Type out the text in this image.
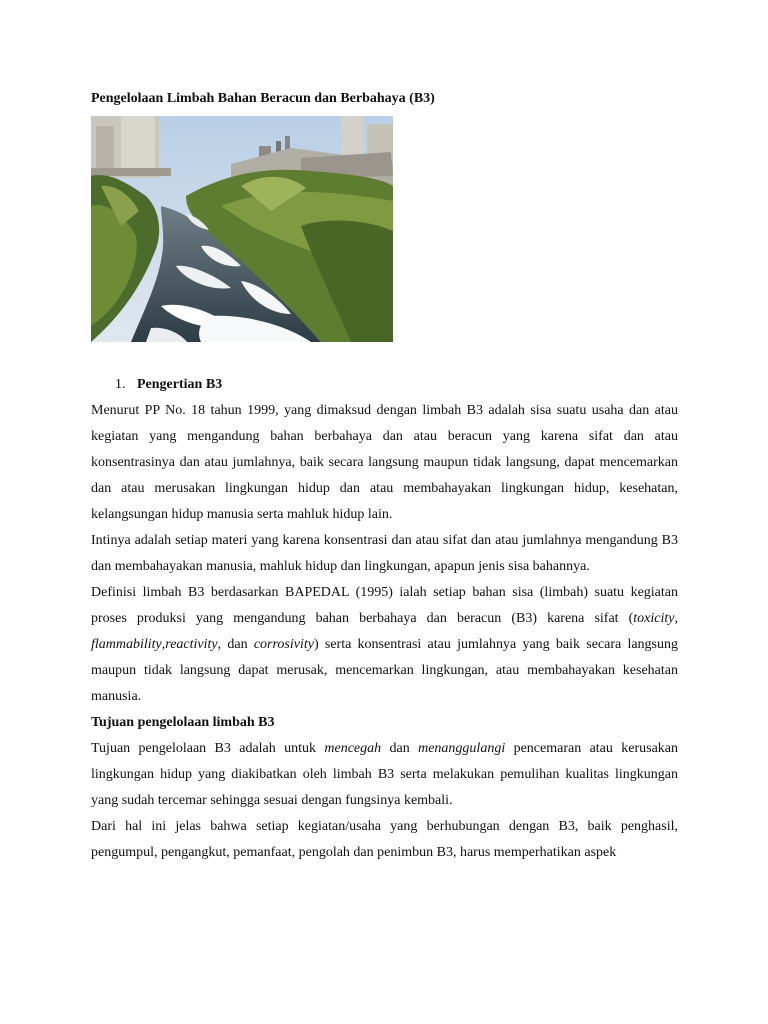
Pengelolaan Limbah Bahan Beracun dan Berbahaya (B3)

1. Pengertian B3

Menurut PP No. 18 tahun 1999, yang dimaksud dengan limbah B3 adalah sisa suatu usaha dan atau kegiatan yang mengandung bahan berbahaya dan atau beracun yang karena sifat dan atau konsentrasinya dan atau jumlahnya, baik secara langsung maupun tidak langsung, dapat mencemarkan dan atau merusakan lingkungan hidup dan atau membahayakan lingkungan hidup, kesehatan, kelangsungan hidup manusia serta mahluk hidup lain.

Intinya adalah setiap materi yang karena konsentrasi dan atau sifat dan atau jumlahnya mengandung B3 dan membahayakan manusia, mahluk hidup dan lingkungan, apapun jenis sisa bahannya.

Definisi limbah B3 berdasarkan BAPEDAL (1995) ialah setiap bahan sisa (limbah) suatu kegiatan proses produksi yang mengandung bahan berbahaya dan beracun (B3) karena sifat (toxicity, flammability,reactivity, dan corrosivity) serta konsentrasi atau jumlahnya yang baik secara langsung maupun tidak langsung dapat merusak, mencemarkan lingkungan, atau membahayakan kesehatan manusia.

Tujuan pengelolaan limbah B3

Tujuan pengelolaan B3 adalah untuk mencegah dan menanggulangi pencemaran atau kerusakan lingkungan hidup yang diakibatkan oleh limbah B3 serta melakukan pemulihan kualitas lingkungan yang sudah tercemar sehingga sesuai dengan fungsinya kembali.

Dari hal ini jelas bahwa setiap kegiatan/usaha yang berhubungan dengan B3, baik penghasil, pengumpul, pengangkut, pemanfaat, pengolah dan penimbun B3, harus memperhatikan aspek
